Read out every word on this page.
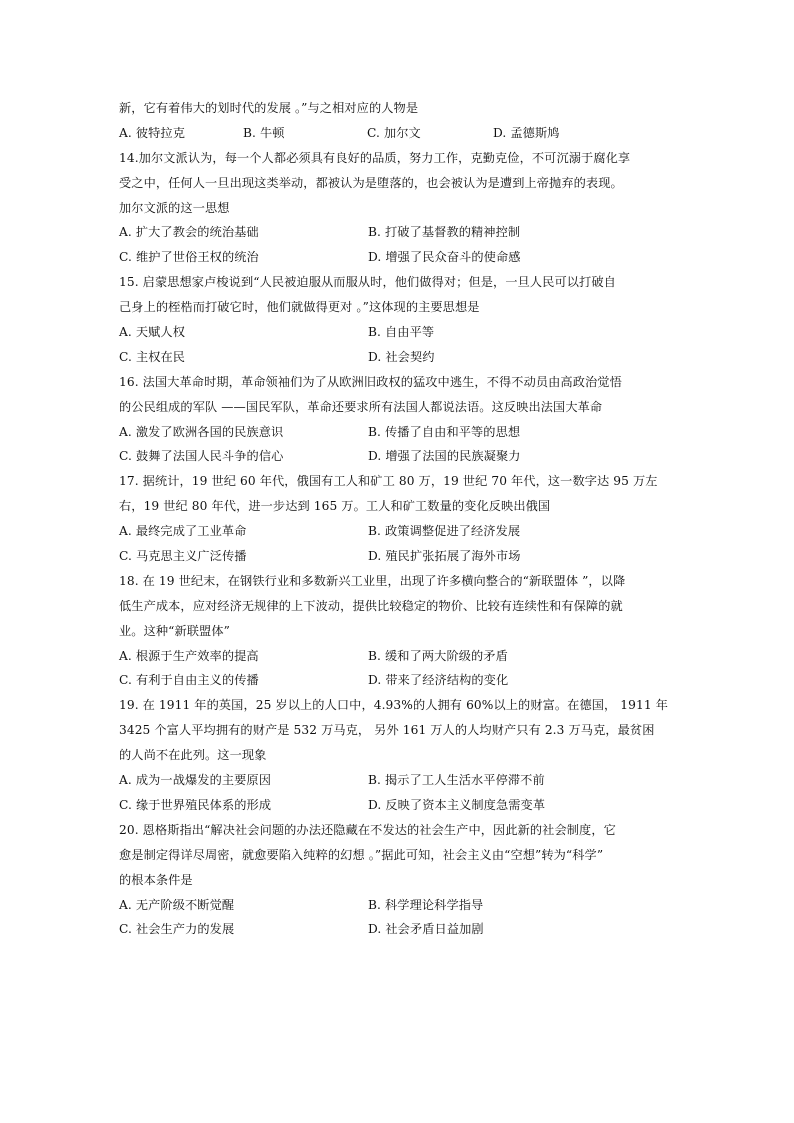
新，它有着伟大的划时代的发展 。”与之相对应的人物是
A. 彼特拉克	B. 牛顿	C. 加尔文	D. 孟德斯鸠
14.加尔文派认为，每一个人都必须具有良好的品质，努力工作，克勤克俭，不可沉溺于腐化享
受之中，任何人一旦出现这类举动，都被认为是堕落的，也会被认为是遭到上帝抛弃的表现。
加尔文派的这一思想
A. 扩大了教会的统治基础	B. 打破了基督教的精神控制
C. 维护了世俗王权的统治	D. 增强了民众奋斗的使命感
15. 启蒙思想家卢梭说到“人民被迫服从而服从时，他们做得对；但是，一旦人民可以打破自
己身上的桎梏而打破它时，他们就做得更对 。”这体现的主要思想是
A. 天赋人权	B. 自由平等
C. 主权在民	D. 社会契约
16. 法国大革命时期，革命领袖们为了从欧洲旧政权的猛攻中逃生，不得不动员由高政治觉悟
的公民组成的军队 ——国民军队，革命还要求所有法国人都说法语。这反映出法国大革命
A. 激发了欧洲各国的民族意识	B. 传播了自由和平等的思想
C. 鼓舞了法国人民斗争的信心	D. 增强了法国的民族凝聚力
17. 据统计，19 世纪 60 年代，俄国有工人和矿工 80 万，19 世纪 70 年代，这一数字达 95 万左
右，19 世纪 80 年代，进一步达到 165 万。工人和矿工数量的变化反映出俄国
A. 最终完成了工业革命	B. 政策调整促进了经济发展
C. 马克思主义广泛传播	D. 殖民扩张拓展了海外市场
18. 在 19 世纪末，在钢铁行业和多数新兴工业里，出现了许多横向整合的“新联盟体 ”，以降
低生产成本，应对经济无规律的上下波动，提供比较稳定的物价、比较有连续性和有保障的就
业。这种“新联盟体”
A. 根源于生产效率的提高	B. 缓和了两大阶级的矛盾
C. 有利于自由主义的传播	D. 带来了经济结构的变化
19. 在 1911 年的英国，25 岁以上的人口中，4.93%的人拥有 60%以上的财富。在德国， 1911 年
3425 个富人平均拥有的财产是 532 万马克， 另外 161 万人的人均财产只有 2.3 万马克，最贫困
的人尚不在此列。这一现象
A. 成为一战爆发的主要原因	B. 揭示了工人生活水平停滞不前
C. 缘于世界殖民体系的形成	D. 反映了资本主义制度急需变革
20. 恩格斯指出“解决社会问题的办法还隐藏在不发达的社会生产中，因此新的社会制度，它
愈是制定得详尽周密，就愈要陷入纯粹的幻想 。”据此可知，社会主义由“空想”转为“科学”
的根本条件是
A. 无产阶级不断觉醒	B. 科学理论科学指导
C. 社会生产力的发展	D. 社会矛盾日益加剧
